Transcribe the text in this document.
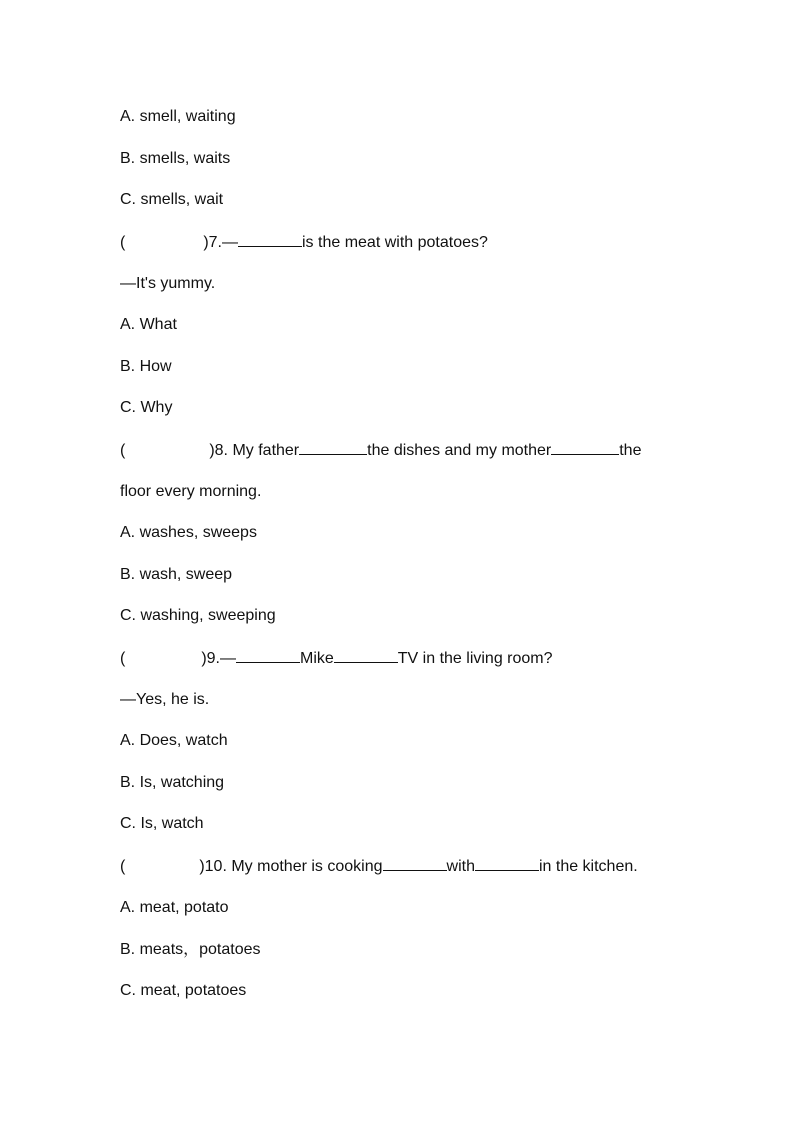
A. smell, waiting
B. smells, waits
C. smells, wait
(	)7.—	is the meat with potatoes?
—It's yummy.
A. What
B. How
C. Why
(	)8. My father	the dishes and my mother	the
floor every morning.
A. washes, sweeps
B. wash, sweep
C. washing, sweeping
(	)9.—	Mike	TV in the living room?
—Yes, he is.
A. Does, watch
B. Is, watching
C. Is, watch
(	)10. My mother is cooking	with	in the kitchen.
A. meat, potato
B. meats，potatoes
C. meat, potatoes
